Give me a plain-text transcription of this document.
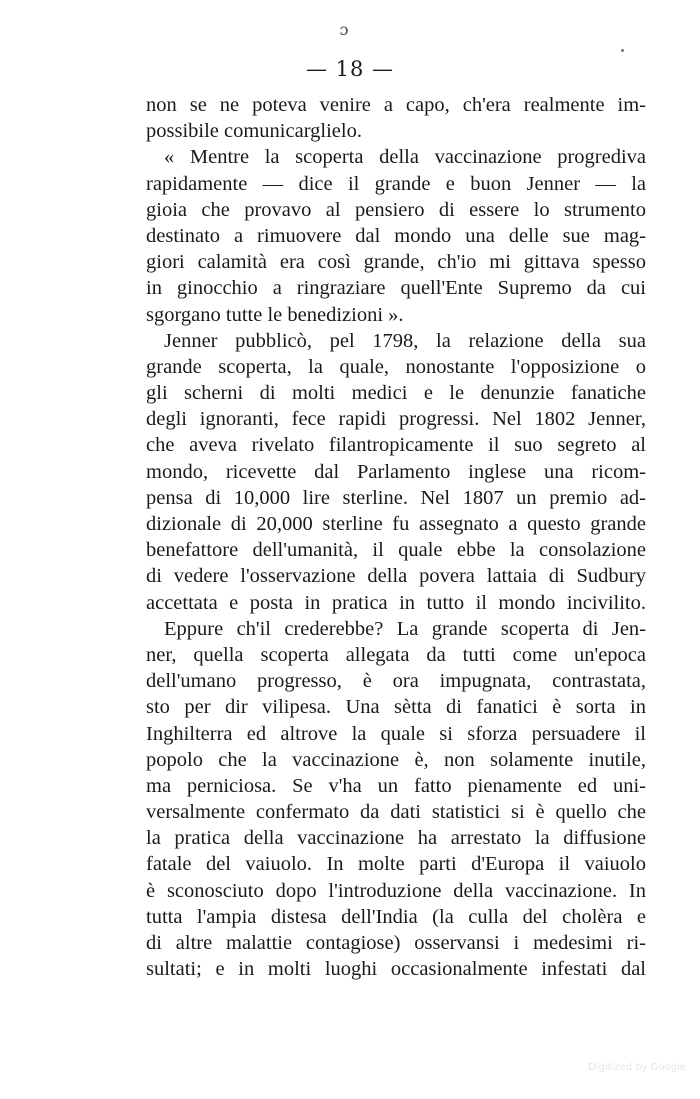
ɔ
— 18 —
non se ne poteva venire a capo, ch'era realmente im-
possibile comunicarglielo.
« Mentre la scoperta della vaccinazione progrediva
rapidamente — dice il grande e buon Jenner — la
gioia che provavo al pensiero di essere lo strumento
destinato a rimuovere dal mondo una delle sue mag-
giori calamità era così grande, ch'io mi gittava spesso
in ginocchio a ringraziare quell'Ente Supremo da cui
sgorgano tutte le benedizioni ».
Jenner pubblicò, pel 1798, la relazione della sua
grande scoperta, la quale, nonostante l'opposizione o
gli scherni di molti medici e le denunzie fanatiche
degli ignoranti, fece rapidi progressi. Nel 1802 Jenner,
che aveva rivelato filantropicamente il suo segreto al
mondo, ricevette dal Parlamento inglese una ricom-
pensa di 10,000 lire sterline. Nel 1807 un premio ad-
dizionale di 20,000 sterline fu assegnato a questo grande
benefattore dell'umanità, il quale ebbe la consolazione
di vedere l'osservazione della povera lattaia di Sudbury
accettata e posta in pratica in tutto il mondo incivilito.
Eppure ch'il crederebbe? La grande scoperta di Jen-
ner, quella scoperta allegata da tutti come un'epoca
dell'umano progresso, è ora impugnata, contrastata,
sto per dir vilipesa. Una sètta di fanatici è sorta in
Inghilterra ed altrove la quale si sforza persuadere il
popolo che la vaccinazione è, non solamente inutile,
ma perniciosa. Se v'ha un fatto pienamente ed uni-
versalmente confermato da dati statistici si è quello che
la pratica della vaccinazione ha arrestato la diffusione
fatale del vaiuolo. In molte parti d'Europa il vaiuolo
è sconosciuto dopo l'introduzione della vaccinazione. In
tutta l'ampia distesa dell'India (la culla del cholèra e
di altre malattie contagiose) osservansi i medesimi ri-
sultati; e in molti luoghi occasionalmente infestati dal
Digitized by Google
